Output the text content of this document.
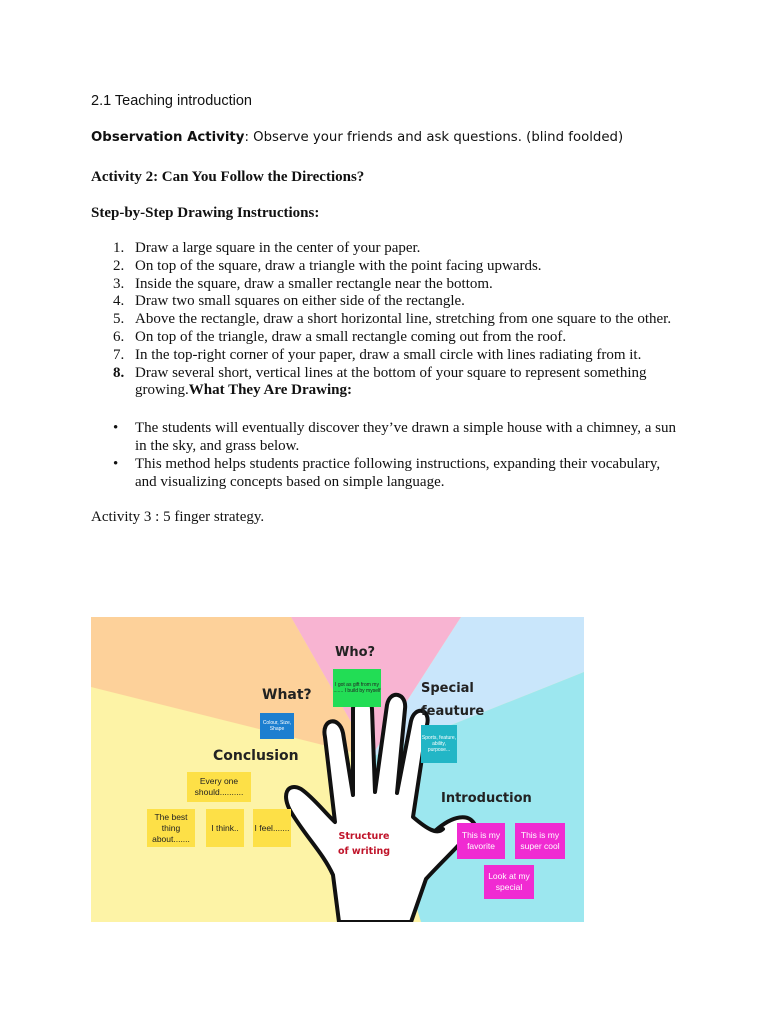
2.1 Teaching introduction
Observation Activity: Observe your friends and ask questions. (blind foolded)
Activity 2: Can You Follow the Directions?
Step-by-Step Drawing Instructions:
1. Draw a large square in the center of your paper.
2. On top of the square, draw a triangle with the point facing upwards.
3. Inside the square, draw a smaller rectangle near the bottom.
4. Draw two small squares on either side of the rectangle.
5. Above the rectangle, draw a short horizontal line, stretching from one square to the other.
6. On top of the triangle, draw a small rectangle coming out from the roof.
7. In the top-right corner of your paper, draw a small circle with lines radiating from it.
8. Draw several short, vertical lines at the bottom of your square to represent something growing.What They Are Drawing:
• The students will eventually discover they’ve drawn a simple house with a chimney, a sun in the sky, and grass below.
• This method helps students practice following instructions, expanding their vocabulary, and visualizing concepts based on simple language.
Activity 3 : 5 finger strategy.
Who?
What?	Special feauture
Conclusion
Introduction
Structure of writing
I got as gift from my ....... I build by myself
Colour, Size, Shape
Sports, feature, ability, purpose...
Every one should..........
The best thing about.......
I think..	I feel.......
This is my favorite
This is my super cool
Look at my special
